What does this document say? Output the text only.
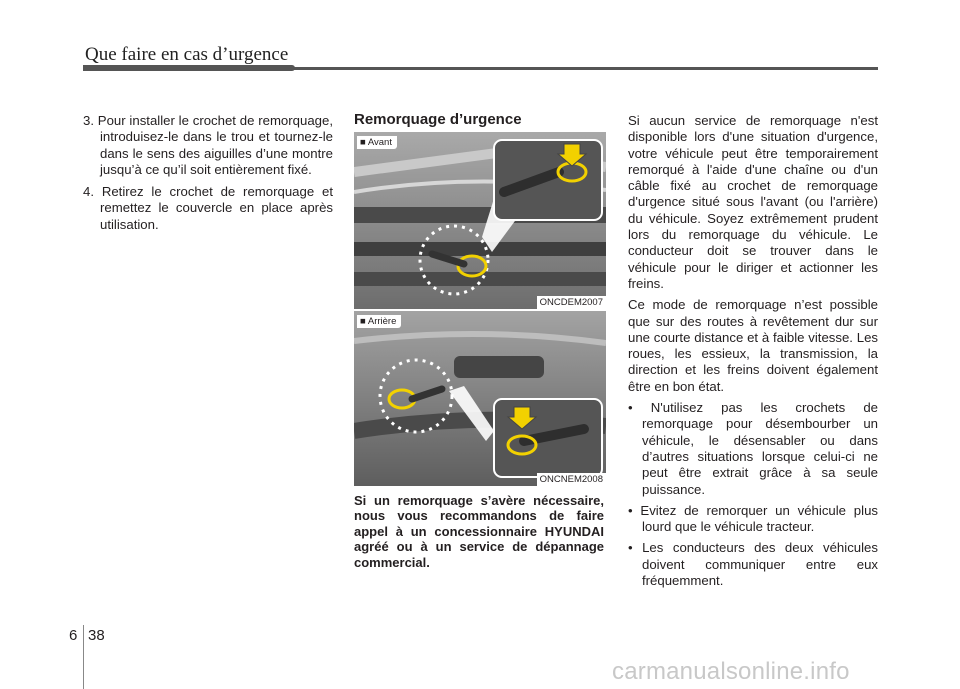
Que faire en cas d’urgence

3. Pour installer le crochet de remorquage, introduisez-le dans le trou et tournez-le dans le sens des aiguilles d’une montre jusqu’à ce qu’il soit entièrement fixé.

4. Retirez le crochet de remorquage et remettez le couvercle en place après utilisation.

Remorquage d’urgence
■ Avant
ONCDEM2007
■ Arrière
ONCNEM2008
Si un remorquage s’avère nécessaire, nous vous recommandons de faire appel à un concessionnaire HYUNDAI agréé ou à un service de dépannage commercial.

Si aucun service de remorquage n'est disponible lors d'une situation d'urgence, votre véhicule peut être temporairement remorqué à l'aide d'une chaîne ou d'un câble fixé au crochet de remorquage d'urgence situé sous l'avant (ou l'arrière) du véhicule. Soyez extrêmement prudent lors du remorquage du véhicule. Le conducteur doit se trouver dans le véhicule pour le diriger et actionner les freins.

Ce mode de remorquage n’est possible que sur des routes à revêtement dur sur une courte distance et à faible vitesse. Les roues, les essieux, la transmission, la direction et les freins doivent également être en bon état.

• N'utilisez pas les crochets de remorquage pour désembourber un véhicule, le désensabler ou dans d’autres situations lorsque celui-ci ne peut être extrait grâce à sa seule puissance.

• Evitez de remorquer un véhicule plus lourd que le véhicule tracteur.

• Les conducteurs des deux véhicules doivent communiquer entre eux fréquemment.

6 38
carmanualsonline.info
